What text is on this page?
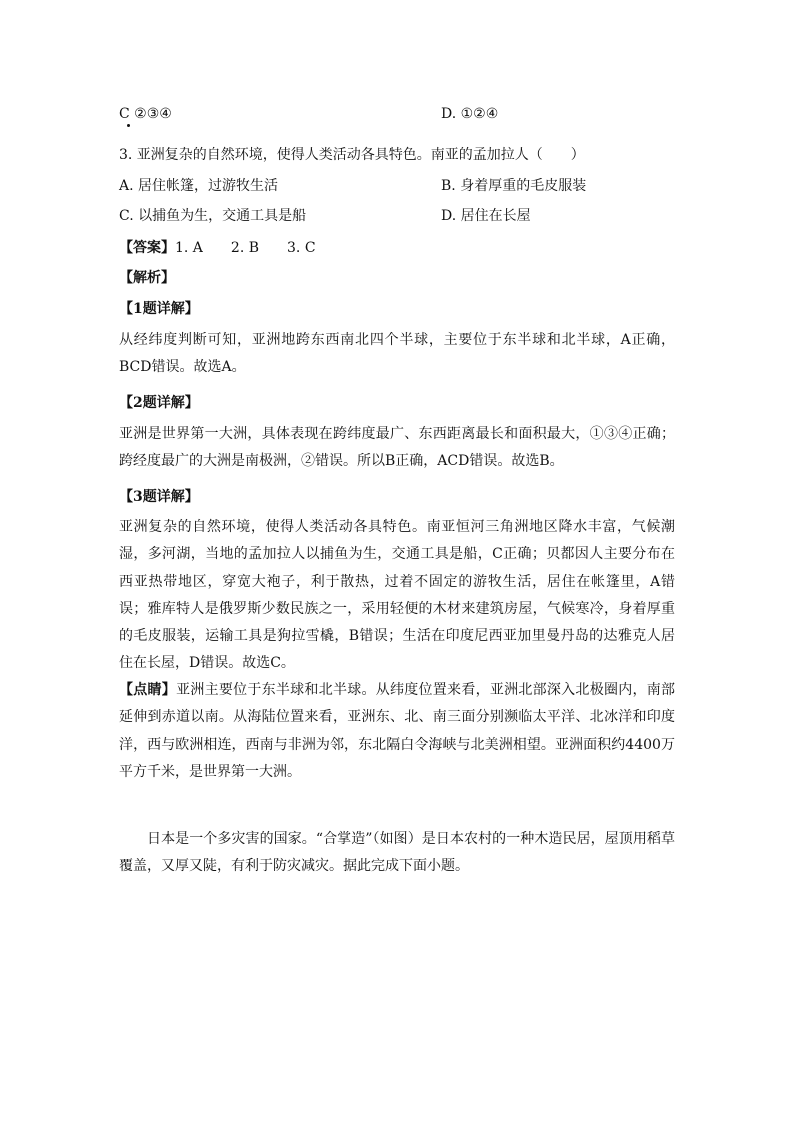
C ②③④	D. ①②④
3. 亚洲复杂的自然环境，使得人类活动各具特色。南亚的孟加拉人（　　）
A. 居住帐篷，过游牧生活	B. 身着厚重的毛皮服装
C. 以捕鱼为生，交通工具是船	D. 居住在长屋
【答案】1. A　　2. B　　3. C
【解析】
【1题详解】
从经纬度判断可知，亚洲地跨东西南北四个半球，主要位于东半球和北半球，A正确，BCD错误。故选A。
【2题详解】
亚洲是世界第一大洲，具体表现在跨纬度最广、东西距离最长和面积最大，①③④正确；跨经度最广的大洲是南极洲，②错误。所以B正确，ACD错误。故选B。
【3题详解】
亚洲复杂的自然环境，使得人类活动各具特色。南亚恒河三角洲地区降水丰富，气候潮湿，多河湖，当地的孟加拉人以捕鱼为生，交通工具是船，C正确；贝都因人主要分布在西亚热带地区，穿宽大袍子，利于散热，过着不固定的游牧生活，居住在帐篷里，A错误；雅库特人是俄罗斯少数民族之一，采用轻便的木材来建筑房屋，气候寒冷，身着厚重的毛皮服装，运输工具是狗拉雪橇，B错误；生活在印度尼西亚加里曼丹岛的达雅克人居住在长屋，D错误。故选C。
【点睛】亚洲主要位于东半球和北半球。从纬度位置来看，亚洲北部深入北极圈内，南部延伸到赤道以南。从海陆位置来看，亚洲东、北、南三面分别濒临太平洋、北冰洋和印度洋，西与欧洲相连，西南与非洲为邻，东北隔白令海峡与北美洲相望。亚洲面积约4400万平方千米，是世界第一大洲。
日本是一个多灾害的国家。“合掌造”（如图）是日本农村的一种木造民居，屋顶用稻草覆盖，又厚又陡，有利于防灾减灾。据此完成下面小题。
